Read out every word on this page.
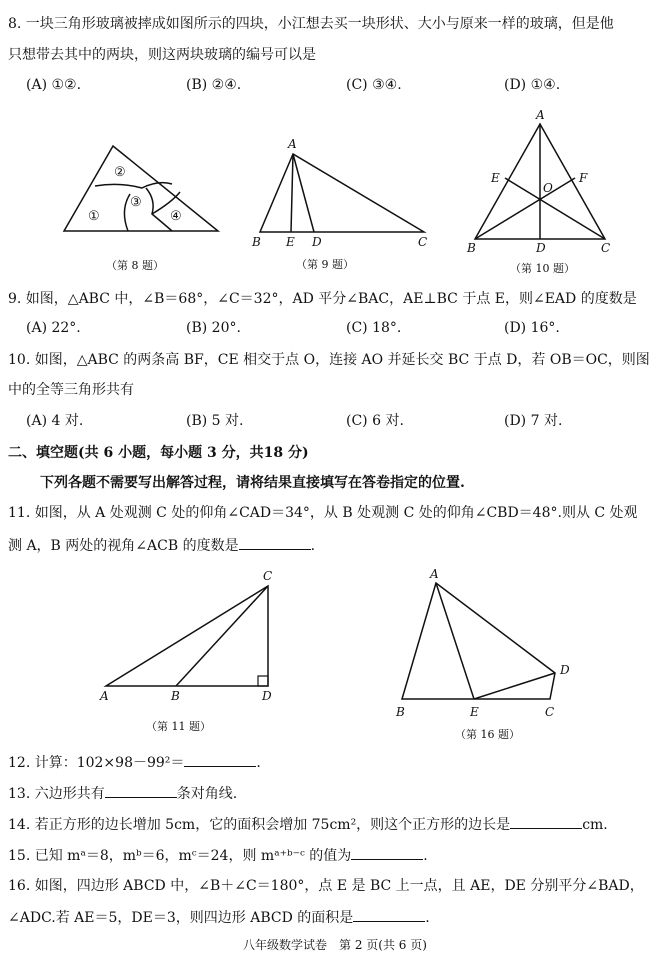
8. 一块三角形玻璃被摔成如图所示的四块，小江想去买一块形状、大小与原来一样的玻璃，但是他
只想带去其中的两块，则这两块玻璃的编号可以是
(A) ①②.	(B) ②④.	(C) ③④.	(D) ①④.
②
③
①	④
（第 8 题）
A
B E D	C
（第 9 题）
A
E
O
F
B	D	C
（第 10 题）
9. 如图，△ABC 中，∠B＝68°，∠C＝32°，AD 平分∠BAC，AE⊥BC 于点 E，则∠EAD 的度数是
(A) 22°.	(B) 20°.	(C) 18°.	(D) 16°.
10. 如图，△ABC 的两条高 BF，CE 相交于点 O，连接 AO 并延长交 BC 于点 D，若 OB＝OC，则图
中的全等三角形共有
(A) 4 对.	(B) 5 对.	(C) 6 对.	(D) 7 对.
二、填空题(共 6 小题，每小题 3 分，共18 分)
下列各题不需要写出解答过程，请将结果直接填写在答卷指定的位置.
11. 如图，从 A 处观测 C 处的仰角∠CAD＝34°，从 B 处观测 C 处的仰角∠CBD＝48°.则从 C 处观
测 A，B 两处的视角∠ACB 的度数是	.
C
A	B	D
（第 11 题）
A
D
B	E	C
（第 16 题）
12. 计算：102×98－99²＝	.
13. 六边形共有	条对角线.
14. 若正方形的边长增加 5cm，它的面积会增加 75cm²，则这个正方形的边长是	cm.
15. 已知 mᵃ＝8，mᵇ＝6，mᶜ＝24，则 mᵃ⁺ᵇ⁻ᶜ 的值为	.
16. 如图，四边形 ABCD 中，∠B＋∠C＝180°，点 E 是 BC 上一点，且 AE，DE 分别平分∠BAD，
∠ADC.若 AE＝5，DE＝3，则四边形 ABCD 的面积是	.
八年级数学试卷　第 2 页(共 6 页)
